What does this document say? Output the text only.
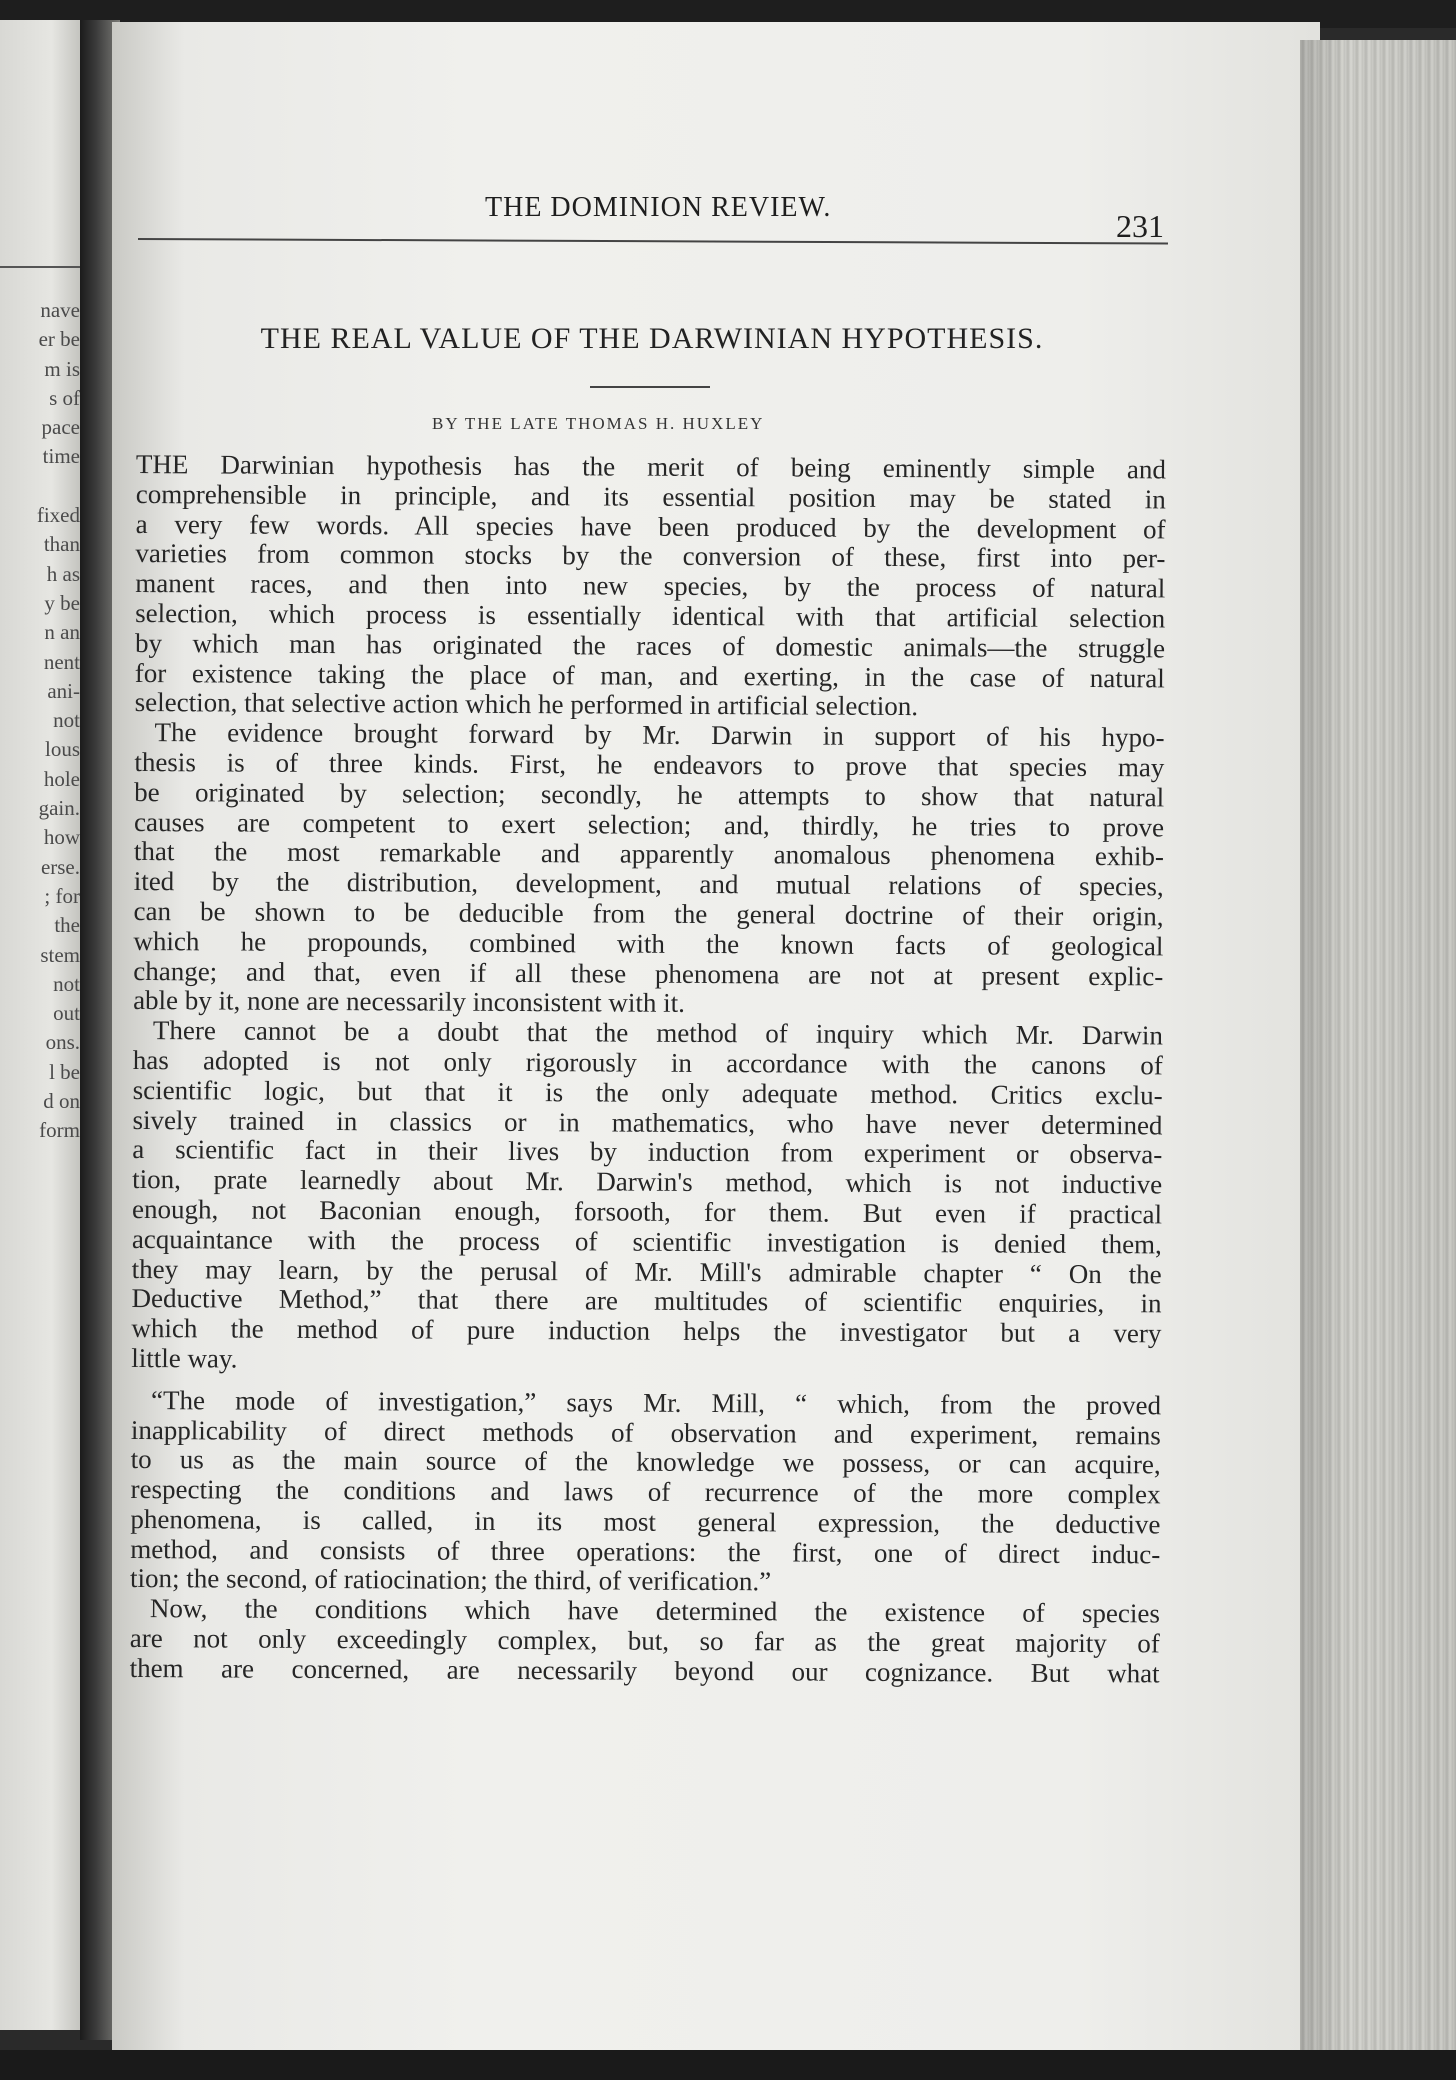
nave
er be
m is
s of
pace
time

fixed
than
h as
y be
n an
nent
ani-
not
lous
hole
gain.
how
erse.
; for
the
stem
not
out
ons.
l be
d on
form
THE DOMINION REVIEW.
231
THE REAL VALUE OF THE DARWINIAN HYPOTHESIS.
BY THE LATE THOMAS H. HUXLEY
THE Darwinian hypothesis has the merit of being eminently simple and
comprehensible in principle, and its essential position may be stated in
a very few words. All species have been produced by the development of
varieties from common stocks by the conversion of these, first into per-
manent races, and then into new species, by the process of natural
selection, which process is essentially identical with that artificial selection
by which man has originated the races of domestic animals—the struggle
for existence taking the place of man, and exerting, in the case of natural
selection, that selective action which he performed in artificial selection.
The evidence brought forward by Mr. Darwin in support of his hypo-
thesis is of three kinds. First, he endeavors to prove that species may
be originated by selection; secondly, he attempts to show that natural
causes are competent to exert selection; and, thirdly, he tries to prove
that the most remarkable and apparently anomalous phenomena exhib-
ited by the distribution, development, and mutual relations of species,
can be shown to be deducible from the general doctrine of their origin,
which he propounds, combined with the known facts of geological
change; and that, even if all these phenomena are not at present explic-
able by it, none are necessarily inconsistent with it.
There cannot be a doubt that the method of inquiry which Mr. Darwin
has adopted is not only rigorously in accordance with the canons of
scientific logic, but that it is the only adequate method. Critics exclu-
sively trained in classics or in mathematics, who have never determined
a scientific fact in their lives by induction from experiment or observa-
tion, prate learnedly about Mr. Darwin's method, which is not inductive
enough, not Baconian enough, forsooth, for them. But even if practical
acquaintance with the process of scientific investigation is denied them,
they may learn, by the perusal of Mr. Mill's admirable chapter “ On the
Deductive Method,” that there are multitudes of scientific enquiries, in
which the method of pure induction helps the investigator but a very
little way.
“The mode of investigation,” says Mr. Mill, “ which, from the proved
inapplicability of direct methods of observation and experiment, remains
to us as the main source of the knowledge we possess, or can acquire,
respecting the conditions and laws of recurrence of the more complex
phenomena, is called, in its most general expression, the deductive
method, and consists of three operations: the first, one of direct induc-
tion; the second, of ratiocination; the third, of verification.”
Now, the conditions which have determined the existence of species
are not only exceedingly complex, but, so far as the great majority of
them are concerned, are necessarily beyond our cognizance. But what
